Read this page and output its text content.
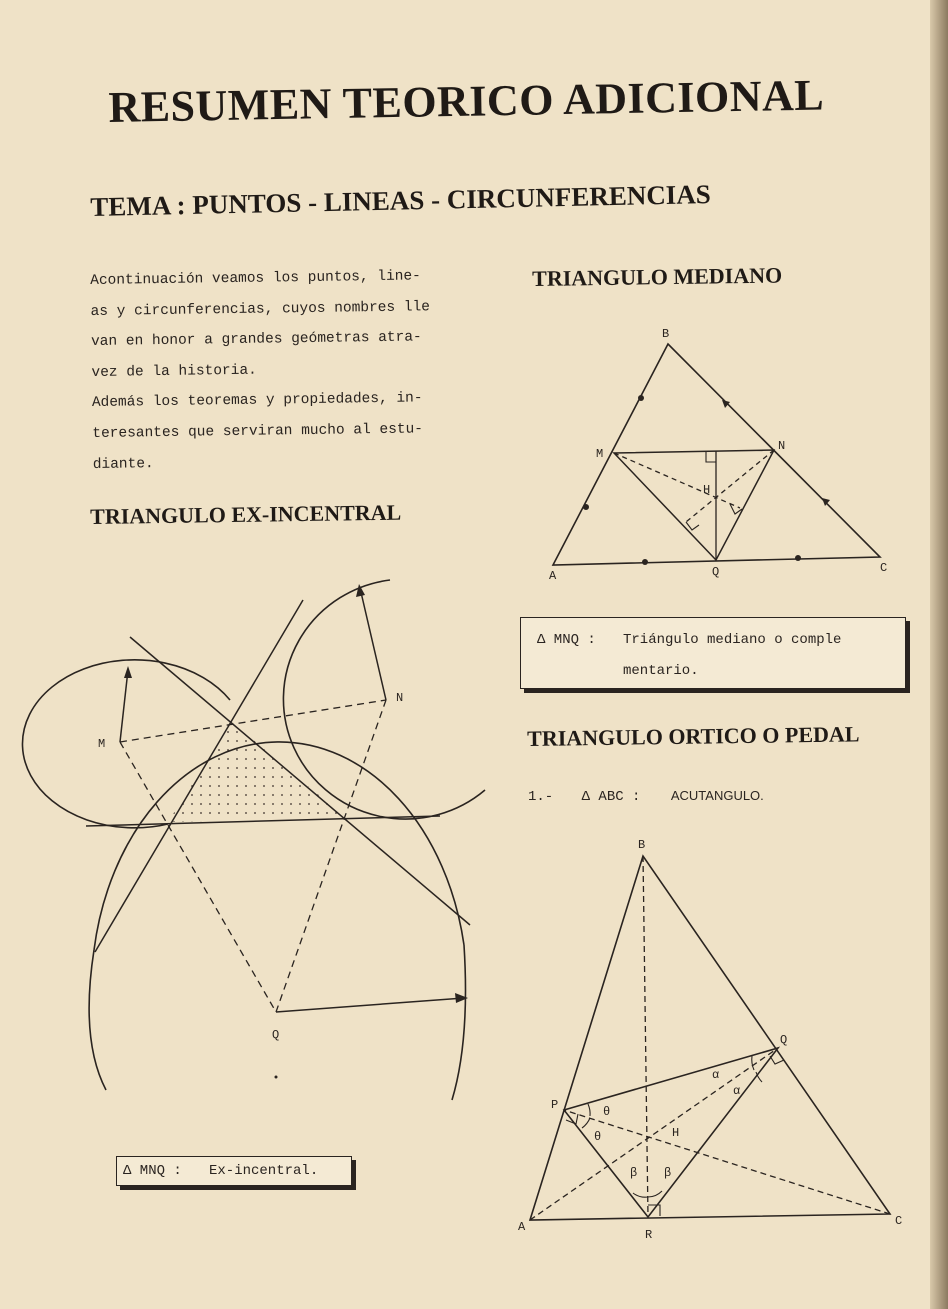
RESUMEN TEORICO ADICIONAL
TEMA : PUNTOS - LINEAS - CIRCUNFERENCIAS
Acontinuación veamos los puntos, line-
as y circunferencias, cuyos nombres lle
van en honor a grandes geómetras atra-
vez de la historia.
Además los teoremas y propiedades, in-
teresantes que serviran mucho al estu-
diante.
TRIANGULO EX-INCENTRAL
M
N
Q
Δ MNQ : Ex-incentral.
TRIANGULO MEDIANO
B
M
N
H
A	Q	C
Δ MNQ : Triángulo mediano o comple
mentario.
TRIANGULO ORTICO O PEDAL
1.- Δ ABC : ACUTANGULO.
B
Q
P
H
A
R
C
θ
θ
α
α
β β
